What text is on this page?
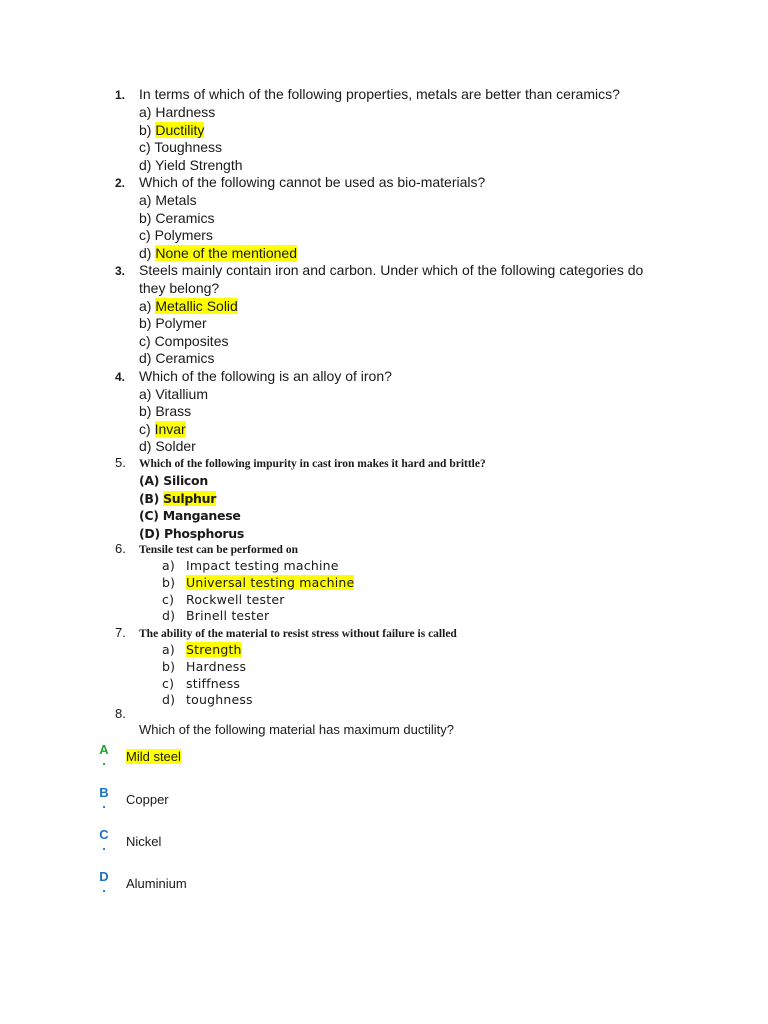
1. In terms of which of the following properties, metals are better than ceramics?
a) Hardness
b) Ductility
c) Toughness
d) Yield Strength
2. Which of the following cannot be used as bio-materials?
a) Metals
b) Ceramics
c) Polymers
d) None of the mentioned
3. Steels mainly contain iron and carbon. Under which of the following categories do
they belong?
a) Metallic Solid
b) Polymer
c) Composites
d) Ceramics
4. Which of the following is an alloy of iron?
a) Vitallium
b) Brass
c) Invar
d) Solder
5. Which of the following impurity in cast iron makes it hard and brittle?
(A) Silicon
(B) Sulphur
(C) Manganese
(D) Phosphorus
6. Tensile test can be performed on
a) Impact testing machine
b) Universal testing machine
c) Rockwell tester
d) Brinell tester
7. The ability of the material to resist stress without failure is called
a) Strength
b) Hardness
c) stiffness
d) toughness
8.
Which of the following material has maximum ductility?
A
.	Mild steel
B
.	Copper
C
.	Nickel
D
.	Aluminium
